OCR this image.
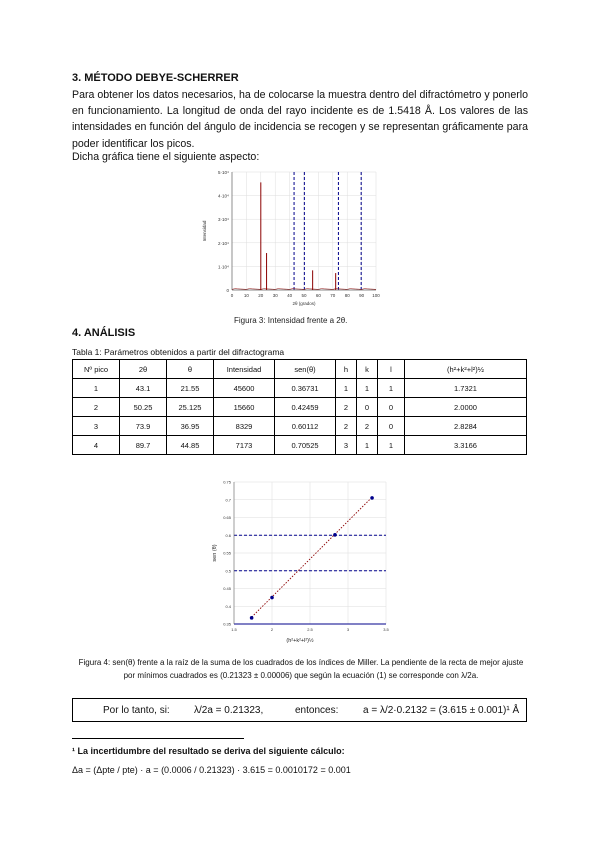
3. MÉTODO DEBYE-SCHERRER

Para obtener los datos necesarios, ha de colocarse la muestra dentro del difractómetro y ponerlo en funcionamiento. La longitud de onda del rayo incidente es de 1.5418 Å. Los valores de las intensidades en función del ángulo de incidencia se recogen y se representan gráficamente para poder identificar los picos.

Dicha gráfica tiene el siguiente aspecto:

0
1·10⁴
2·10⁴
3·10⁴
4·10⁴
5·10⁴
0 10 20 30 40 50 60 70 80 90 100
Intensidad
2θ (grados)
Figura 3: Intensidad frente a 2θ.

4. ANÁLISIS

Tabla 1: Parámetros obtenidos a partir del difractograma
Nº pico	2θ	θ	Intensidad	sen(θ)	h	k	l	(h²+k²+l²)½
1	43.1	21.55	45600	0.36731	1	1	1	1.7321
2	50.25	25.125	15660	0.42459	2	0	0	2.0000
3	73.9	36.95	8329	0.60112	2	2	0	2.8284
4	89.7	44.85	7173	0.70525	3	1	1	3.3166
0.35
0.4
0.45
0.5
0.55
0.6
0.65
0.7
0.75
1.5	2	2.5	3	3.5
sen (θ)
(h²+k²+l²)½
Figura 4: sen(θ) frente a la raíz de la suma de los cuadrados de los índices de Miller. La pendiente de la recta de mejor ajuste por mínimos cuadrados es (0.21323 ± 0.00006) que según la ecuación (1) se corresponde con λ/2a.
Por lo tanto, si: λ/2a = 0.21323,	entonces: a = λ/2·0.2132 = (3.615 ± 0.001)¹ Å
¹ La incertidumbre del resultado se deriva del siguiente cálculo:
Δa = (Δpte / pte) · a = (0.0006 / 0.21323) · 3.615 = 0.0010172 = 0.001
